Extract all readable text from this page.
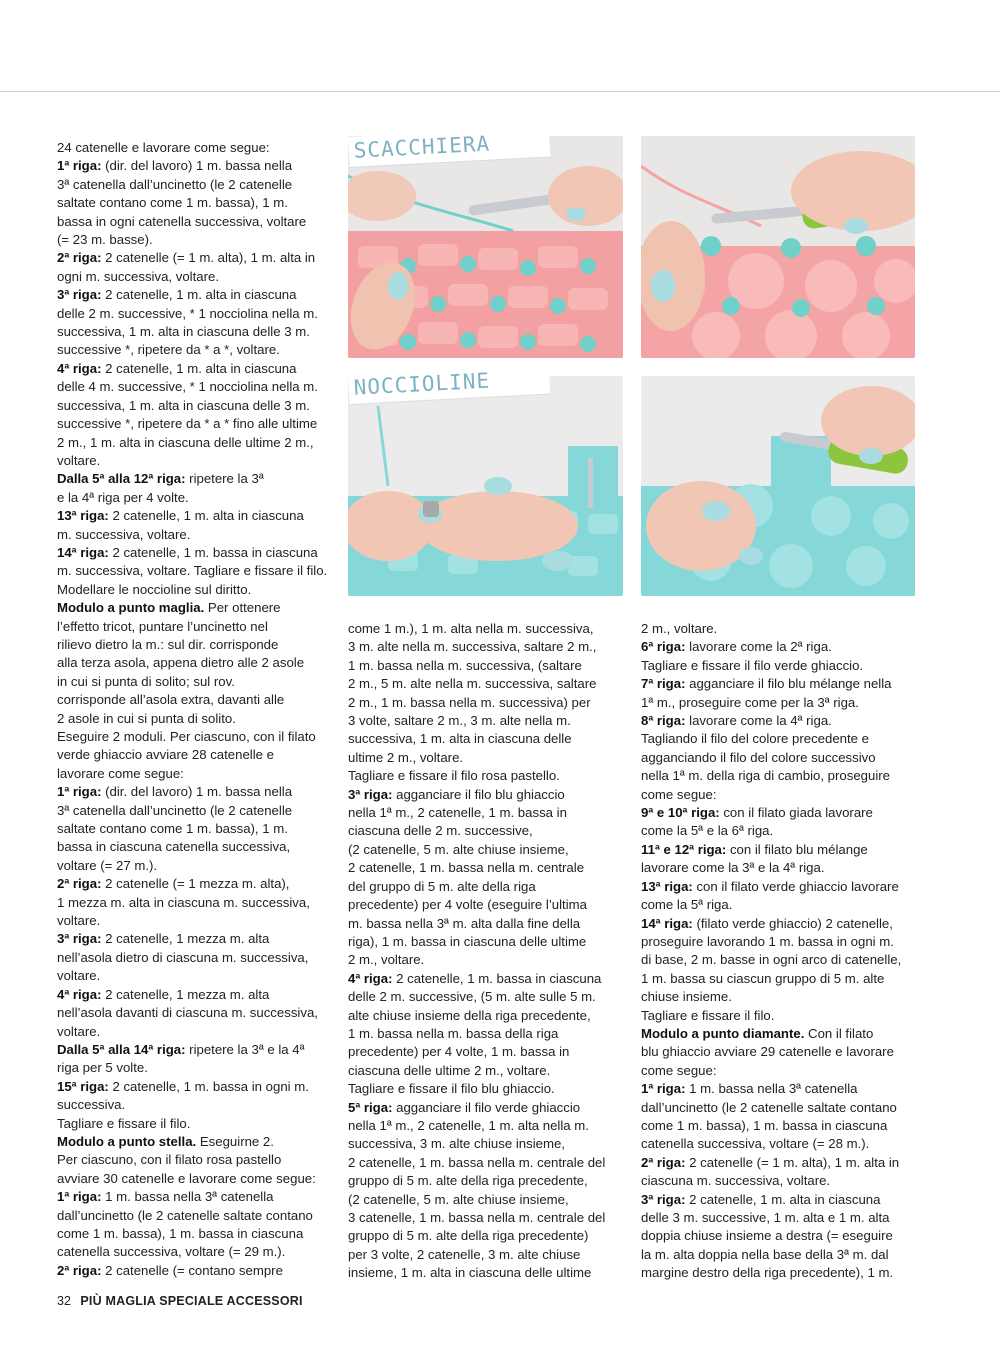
24 catenelle e lavorare come segue:

1ª riga: (dir. del lavoro) 1 m. bassa nella

3ª catenella dall’uncinetto (le 2 catenelle

saltate contano come 1 m. bassa), 1 m.

bassa in ogni catenella successiva, voltare

(= 23 m. basse).

2ª riga: 2 catenelle (= 1 m. alta), 1 m. alta in

ogni m. successiva, voltare.

3ª riga: 2 catenelle, 1 m. alta in ciascuna

delle 2 m. successive, * 1 nocciolina nella m.

successiva, 1 m. alta in ciascuna delle 3 m.

successive *, ripetere da * a *, voltare.

4ª riga: 2 catenelle, 1 m. alta in ciascuna

delle 4 m. successive, * 1 nocciolina nella m.

successiva, 1 m. alta in ciascuna delle 3 m.

successive *, ripetere da * a * fino alle ultime

2 m., 1 m. alta in ciascuna delle ultime 2 m.,

voltare.

Dalla 5ª alla 12ª riga: ripetere la 3ª

e la 4ª riga per 4 volte.

13ª riga: 2 catenelle, 1 m. alta in ciascuna

m. successiva, voltare.

14ª riga: 2 catenelle, 1 m. bassa in ciascuna

m. successiva, voltare. Tagliare e fissare il filo.

Modellare le noccioline sul diritto.

Modulo a punto maglia. Per ottenere

l’effetto tricot, puntare l’uncinetto nel

rilievo dietro la m.: sul dir. corrisponde

alla terza asola, appena dietro alle 2 asole

in cui si punta di solito; sul rov.

corrisponde all’asola extra, davanti alle

2 asole in cui si punta di solito.

Eseguire 2 moduli. Per ciascuno, con il filato

verde ghiaccio avviare 28 catenelle e

lavorare come segue:

1ª riga: (dir. del lavoro) 1 m. bassa nella

3ª catenella dall’uncinetto (le 2 catenelle

saltate contano come 1 m. bassa), 1 m.

bassa in ciascuna catenella successiva,

voltare (= 27 m.).

2ª riga: 2 catenelle (= 1 mezza m. alta),

1 mezza m. alta in ciascuna m. successiva,

voltare.

3ª riga: 2 catenelle, 1 mezza m. alta

nell’asola dietro di ciascuna m. successiva,

voltare.

4ª riga: 2 catenelle, 1 mezza m. alta

nell’asola davanti di ciascuna m. successiva,

voltare.

Dalla 5ª alla 14ª riga: ripetere la 3ª e la 4ª

riga per 5 volte.

15ª riga: 2 catenelle, 1 m. bassa in ogni m.

successiva.

Tagliare e fissare il filo.

Modulo a punto stella. Eseguirne 2.

Per ciascuno, con il filato rosa pastello

avviare 30 catenelle e lavorare come segue:

1ª riga: 1 m. bassa nella 3ª catenella

dall’uncinetto (le 2 catenelle saltate contano

come 1 m. bassa), 1 m. bassa in ciascuna

catenella successiva, voltare (= 29 m.).

2ª riga: 2 catenelle (= contano sempre

come 1 m.), 1 m. alta nella m. successiva,

3 m. alte nella m. successiva, saltare 2 m.,

1 m. bassa nella m. successiva, (saltare

2 m., 5 m. alte nella m. successiva, saltare

2 m., 1 m. bassa nella m. successiva) per

3 volte, saltare 2 m., 3 m. alte nella m.

successiva, 1 m. alta in ciascuna delle

ultime 2 m., voltare.

Tagliare e fissare il filo rosa pastello.

3ª riga: agganciare il filo blu ghiaccio

nella 1ª m., 2 catenelle, 1 m. bassa in

ciascuna delle 2 m. successive,

(2 catenelle, 5 m. alte chiuse insieme,

2 catenelle, 1 m. bassa nella m. centrale

del gruppo di 5 m. alte della riga

precedente) per 4 volte (eseguire l’ultima

m. bassa nella 3ª m. alta dalla fine della

riga), 1 m. bassa in ciascuna delle ultime

2 m., voltare.

4ª riga: 2 catenelle, 1 m. bassa in ciascuna

delle 2 m. successive, (5 m. alte sulle 5 m.

alte chiuse insieme della riga precedente,

1 m. bassa nella m. bassa della riga

precedente) per 4 volte, 1 m. bassa in

ciascuna delle ultime 2 m., voltare.

Tagliare e fissare il filo blu ghiaccio.

5ª riga: agganciare il filo verde ghiaccio

nella 1ª m., 2 catenelle, 1 m. alta nella m.

successiva, 3 m. alte chiuse insieme,

2 catenelle, 1 m. bassa nella m. centrale del

gruppo di 5 m. alte della riga precedente,

(2 catenelle, 5 m. alte chiuse insieme,

3 catenelle, 1 m. bassa nella m. centrale del

gruppo di 5 m. alte della riga precedente)

per 3 volte, 2 catenelle, 3 m. alte chiuse

insieme, 1 m. alta in ciascuna delle ultime

2 m., voltare.

6ª riga: lavorare come la 2ª riga.

Tagliare e fissare il filo verde ghiaccio.

7ª riga: agganciare il filo blu mélange nella

1ª m., proseguire come per la 3ª riga.

8ª riga: lavorare come la 4ª riga.

Tagliando il filo del colore precedente e

agganciando il filo del colore successivo

nella 1ª m. della riga di cambio, proseguire

come segue:

9ª e 10ª riga: con il filato giada lavorare

come la 5ª e la 6ª riga.

11ª e 12ª riga: con il filato blu mélange

lavorare come la 3ª e la 4ª riga.

13ª riga: con il filato verde ghiaccio lavorare

come la 5ª riga.

14ª riga: (filato verde ghiaccio) 2 catenelle,

proseguire lavorando 1 m. bassa in ogni m.

di base, 2 m. basse in ogni arco di catenelle,

1 m. bassa su ciascun gruppo di 5 m. alte

chiuse insieme.

Tagliare e fissare il filo.

Modulo a punto diamante. Con il filato

blu ghiaccio avviare 29 catenelle e lavorare

come segue:

1ª riga: 1 m. bassa nella 3ª catenella

dall’uncinetto (le 2 catenelle saltate contano

come 1 m. bassa), 1 m. bassa in ciascuna

catenella successiva, voltare (= 28 m.).

2ª riga: 2 catenelle (= 1 m. alta), 1 m. alta in

ciascuna m. successiva, voltare.

3ª riga: 2 catenelle, 1 m. alta in ciascuna

delle 3 m. successive, 1 m. alta e 1 m. alta

doppia chiuse insieme a destra (= eseguire

la m. alta doppia nella base della 3ª m. dal

margine destro della riga precedente), 1 m.

SCACCHIERA
NOCCIOLINE
32 PIÙ MAGLIA SPECIALE ACCESSORI
